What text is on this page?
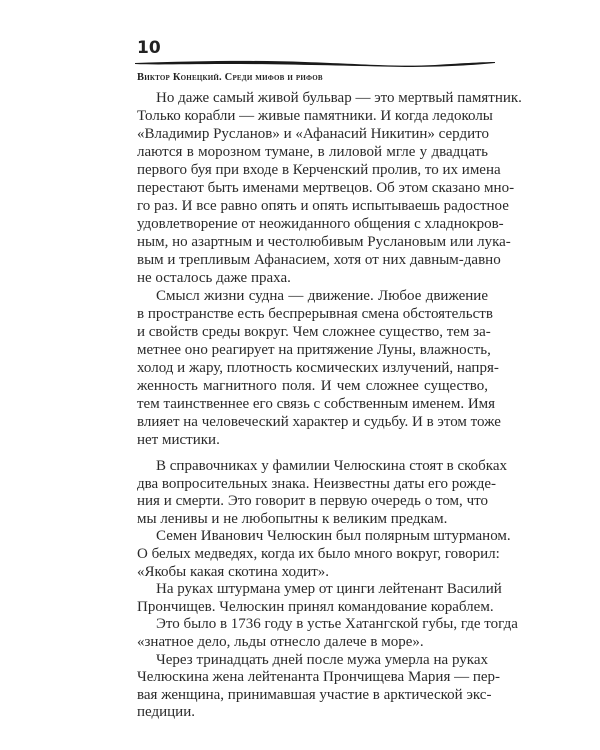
10
Виктор Конецкий. Среди мифов и рифов
Но даже самый живой бульвар — это мертвый памятник.
Только корабли — живые памятники. И когда ледоколы
«Владимир Русланов» и «Афанасий Никитин» сердито
лаются в морозном тумане, в лиловой мгле у двадцать
первого буя при входе в Керченский пролив, то их имена
перестают быть именами мертвецов. Об этом сказано мно-
го раз. И все равно опять и опять испытываешь радостное
удовлетворение от неожиданного общения с хладнокров-
ным, но азартным и честолюбивым Руслановым или лука-
вым и трепливым Афанасием, хотя от них давным-давно
не осталось даже праха.
Смысл жизни судна — движение. Любое движение
в пространстве есть беспрерывная смена обстоятельств
и свойств среды вокруг. Чем сложнее существо, тем за-
метнее оно реагирует на притяжение Луны, влажность,
холод и жару, плотность космических излучений, напря-
женность магнитного поля. И чем сложнее существо,
тем таинственнее его связь с собственным именем. Имя
влияет на человеческий характер и судьбу. И в этом тоже
нет мистики.
В справочниках у фамилии Челюскина стоят в скобках
два вопросительных знака. Неизвестны даты его рожде-
ния и смерти. Это говорит в первую очередь о том, что
мы ленивы и не любопытны к великим предкам.
Семен Иванович Челюскин был полярным штурманом.
О белых медведях, когда их было много вокруг, говорил:
«Якобы какая скотина ходит».
На руках штурмана умер от цинги лейтенант Василий
Прончищев. Челюскин принял командование кораблем.
Это было в 1736 году в устье Хатангской губы, где тогда
«знатное дело, льды отнесло далече в море».
Через тринадцать дней после мужа умерла на руках
Челюскина жена лейтенанта Прончищева Мария — пер-
вая женщина, принимавшая участие в арктической экс-
педиции.
